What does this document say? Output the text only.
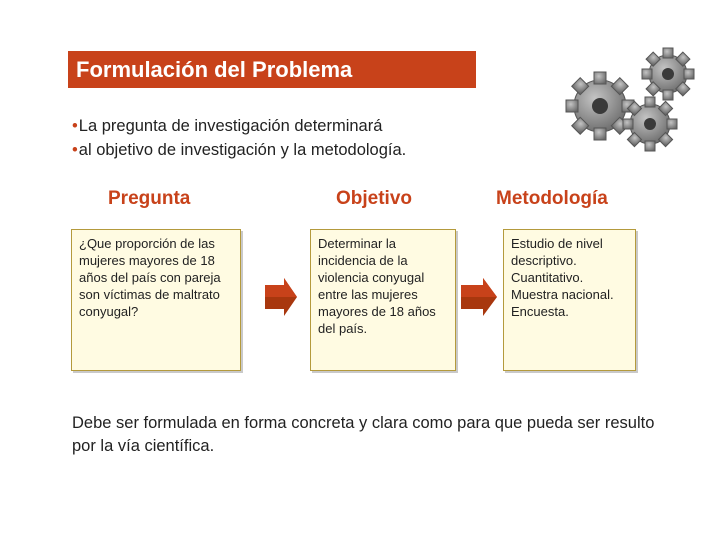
Formulación del Problema
•La pregunta de investigación determinará
•al objetivo de investigación y la metodología.
Pregunta	Objetivo	Metodología
¿Que proporción de las mujeres mayores de 18 años del país con pareja son víctimas de maltrato conyugal?
Determinar la incidencia de la violencia conyugal entre las mujeres mayores de 18 años del país.
Estudio de nivel descriptivo. Cuantitativo. Muestra nacional. Encuesta.
Debe ser formulada en forma concreta y clara como para que pueda ser resulto por la vía científica.
